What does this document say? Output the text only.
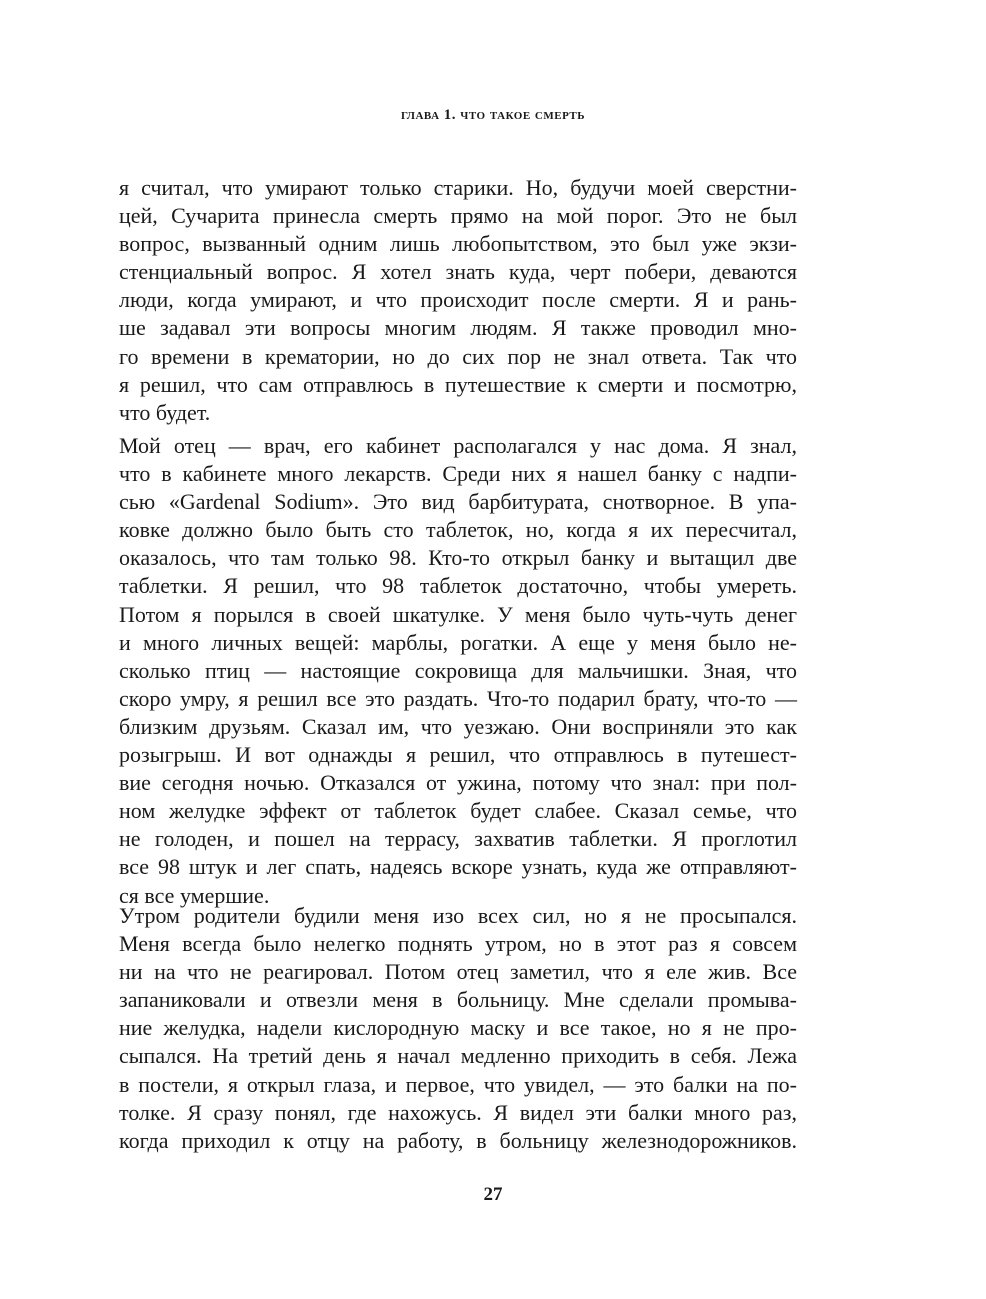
глава 1. что такое смерть
я считал, что умирают только старики. Но, будучи моей сверстни-
цей, Сучарита принесла смерть прямо на мой порог. Это не был
вопрос, вызванный одним лишь любопытством, это был уже экзи-
стенциальный вопрос. Я хотел знать куда, черт побери, деваются
люди, когда умирают, и что происходит после смерти. Я и рань-
ше задавал эти вопросы многим людям. Я также проводил мно-
го времени в крематории, но до сих пор не знал ответа. Так что
я решил, что сам отправлюсь в путешествие к смерти и посмотрю,
что будет.
Мой отец — врач, его кабинет располагался у нас дома. Я знал,
что в кабинете много лекарств. Среди них я нашел банку с надпи-
сью «Gardenal Sodium». Это вид барбитурата, снотворное. В упа-
ковке должно было быть сто таблеток, но, когда я их пересчитал,
оказалось, что там только 98. Кто-то открыл банку и вытащил две
таблетки. Я решил, что 98 таблеток достаточно, чтобы умереть.
Потом я порылся в своей шкатулке. У меня было чуть-чуть денег
и много личных вещей: марблы, рогатки. А еще у меня было не-
сколько птиц — настоящие сокровища для мальчишки. Зная, что
скоро умру, я решил все это раздать. Что-то подарил брату, что-то —
близким друзьям. Сказал им, что уезжаю. Они восприняли это как
розыгрыш. И вот однажды я решил, что отправлюсь в путешест-
вие сегодня ночью. Отказался от ужина, потому что знал: при пол-
ном желудке эффект от таблеток будет слабее. Сказал семье, что
не голоден, и пошел на террасу, захватив таблетки. Я проглотил
все 98 штук и лег спать, надеясь вскоре узнать, куда же отправляют-
ся все умершие.
Утром родители будили меня изо всех сил, но я не просыпался.
Меня всегда было нелегко поднять утром, но в этот раз я совсем
ни на что не реагировал. Потом отец заметил, что я еле жив. Все
запаниковали и отвезли меня в больницу. Мне сделали промыва-
ние желудка, надели кислородную маску и все такое, но я не про-
сыпался. На третий день я начал медленно приходить в себя. Лежа
в постели, я открыл глаза, и первое, что увидел, — это балки на по-
толке. Я сразу понял, где нахожусь. Я видел эти балки много раз,
когда приходил к отцу на работу, в больницу железнодорожников.
27
